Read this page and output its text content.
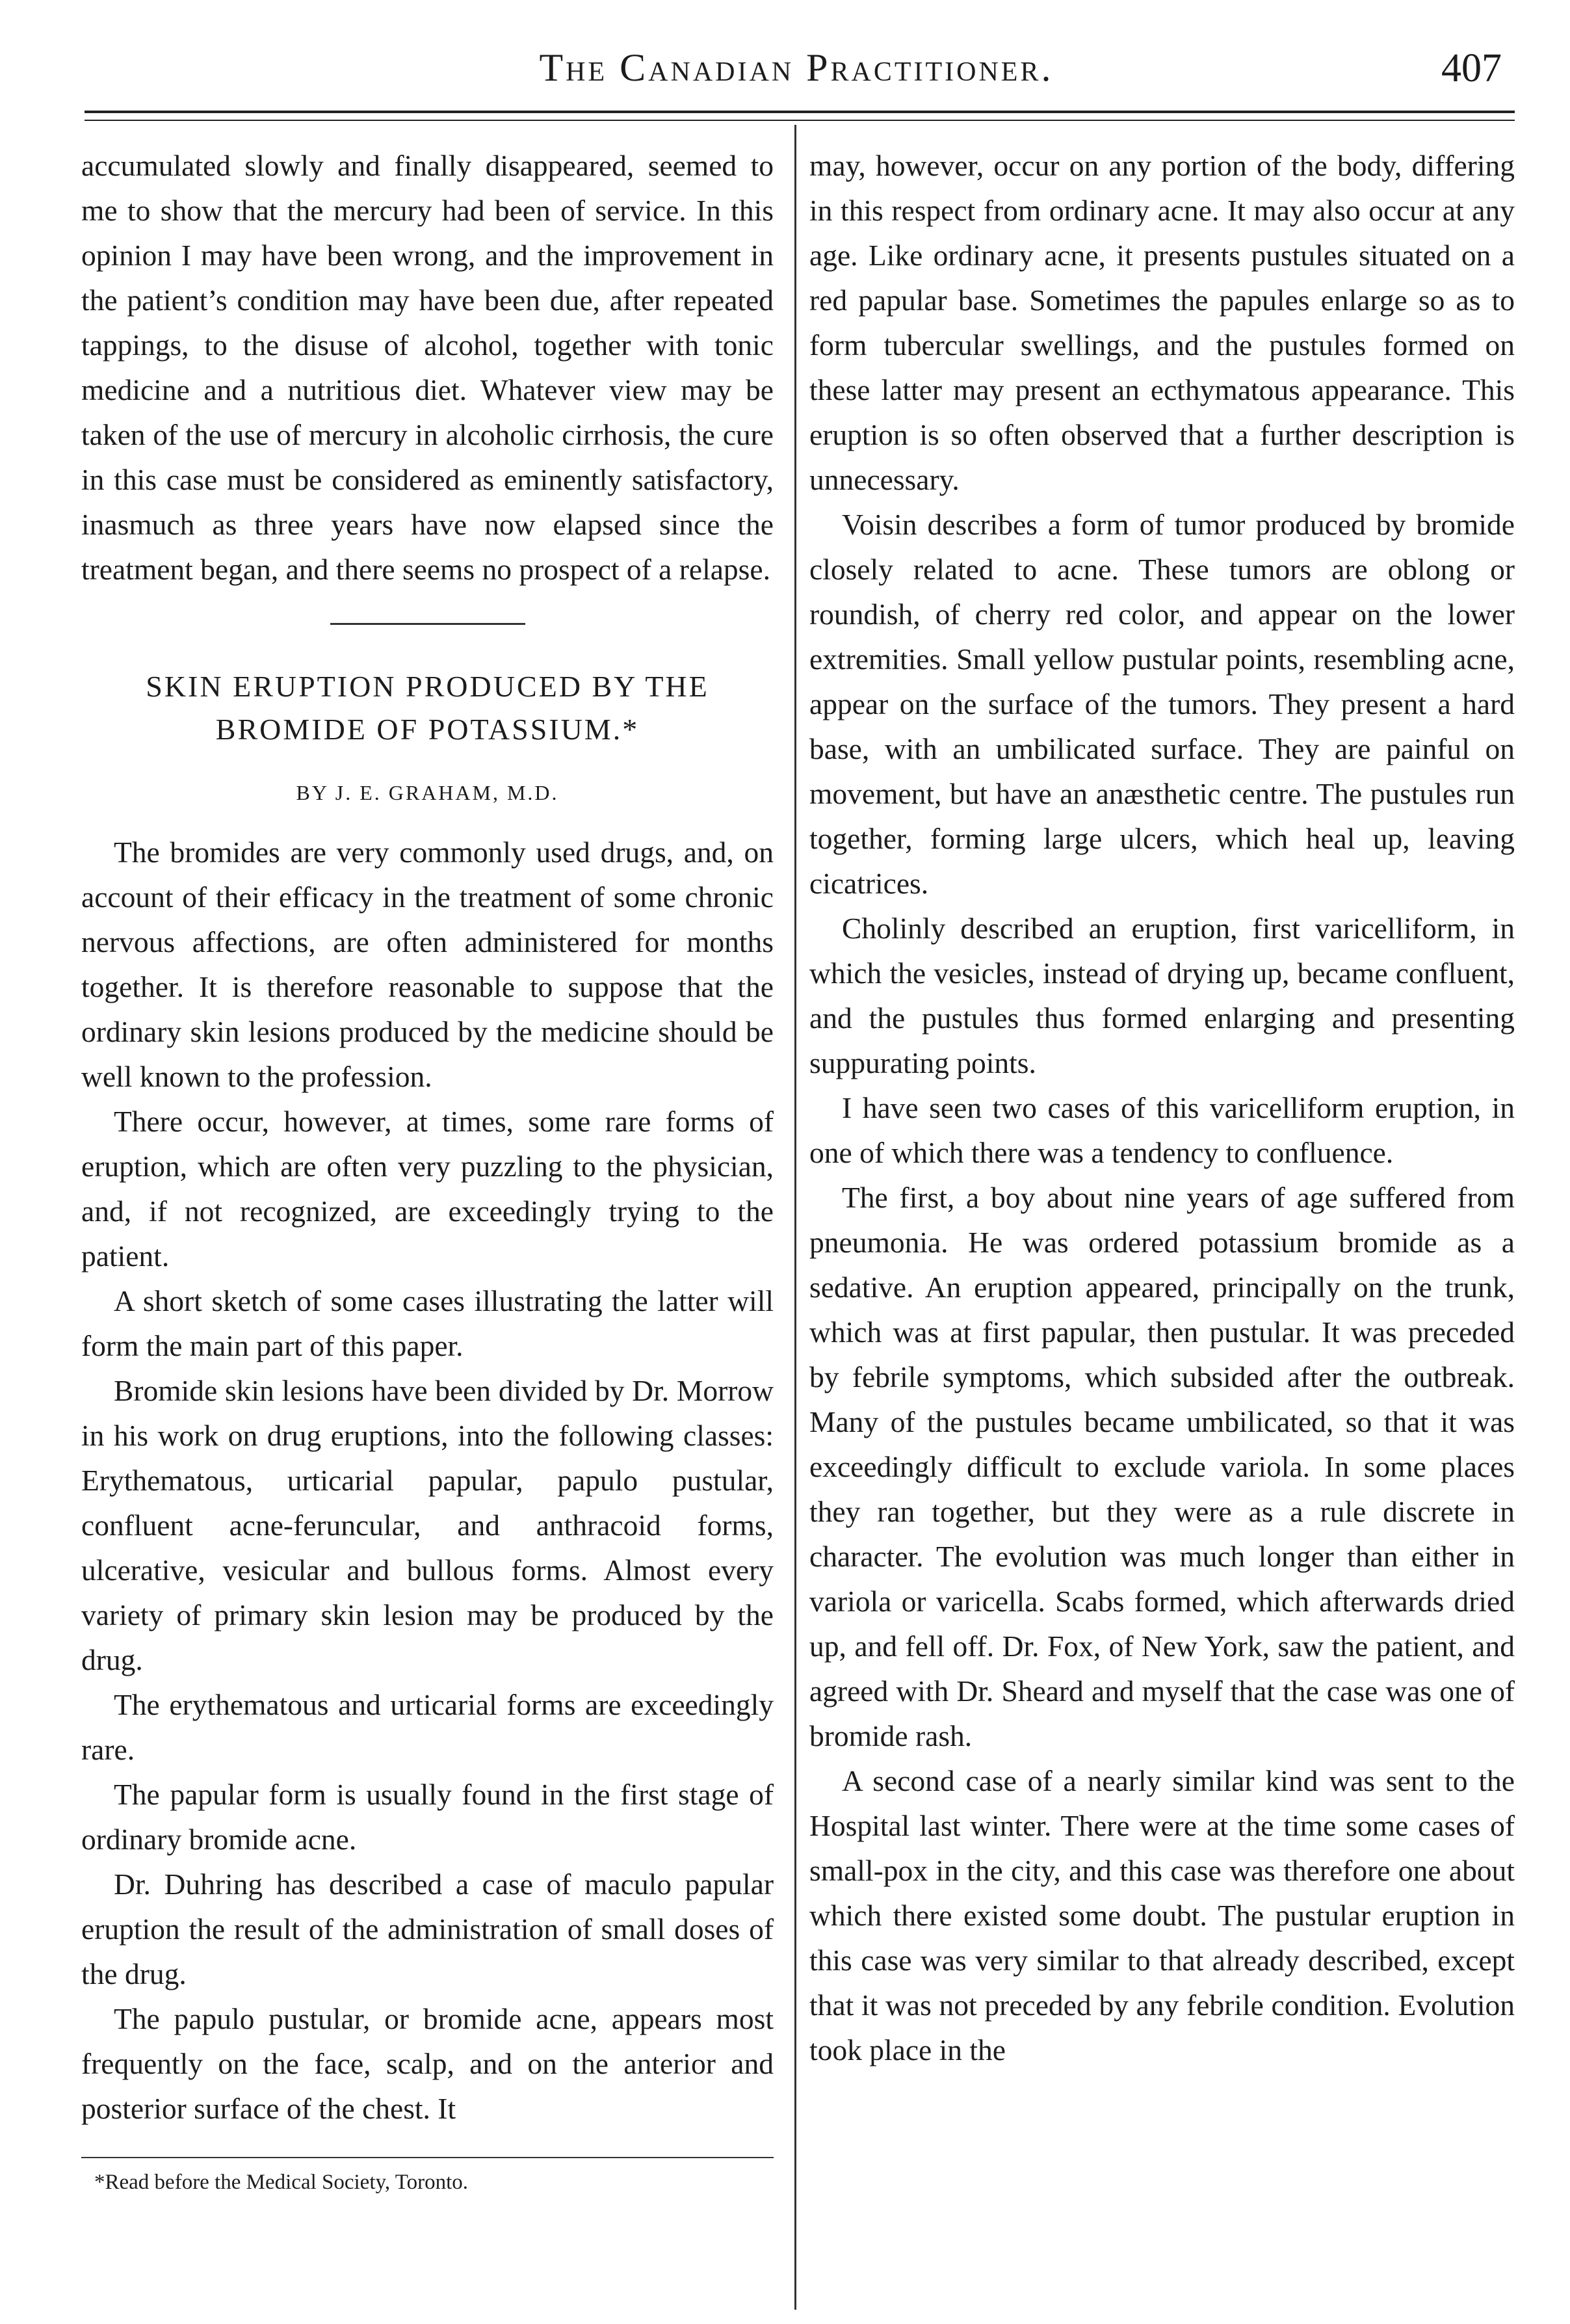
The Canadian Practitioner.	407

accumulated slowly and finally disappeared, seemed to me to show that the mercury had been of service. In this opinion I may have been wrong, and the improvement in the patient’s condition may have been due, after repeated tappings, to the disuse of alcohol, together with tonic medicine and a nutritious diet. Whatever view may be taken of the use of mercury in alcoholic cirrhosis, the cure in this case must be considered as eminently satisfactory, inasmuch as three years have now elapsed since the treatment began, and there seems no prospect of a relapse.

SKIN ERUPTION PRODUCED BY THE BROMIDE OF POTASSIUM.*
BY J. E. GRAHAM, M.D.

The bromides are very commonly used drugs, and, on account of their efficacy in the treatment of some chronic nervous affections, are often administered for months together. It is therefore reasonable to suppose that the ordinary skin lesions produced by the medicine should be well known to the profession.

There occur, however, at times, some rare forms of eruption, which are often very puzzling to the physician, and, if not recognized, are exceedingly trying to the patient.

A short sketch of some cases illustrating the latter will form the main part of this paper.

Bromide skin lesions have been divided by Dr. Morrow in his work on drug eruptions, into the following classes: Erythematous, urticarial papular, papulo pustular, confluent acne-feruncular, and anthracoid forms, ulcerative, vesicular and bullous forms. Almost every variety of primary skin lesion may be produced by the drug.

The erythematous and urticarial forms are exceedingly rare.

The papular form is usually found in the first stage of ordinary bromide acne.

Dr. Duhring has described a case of maculo papular eruption the result of the administration of small doses of the drug.

The papulo pustular, or bromide acne, appears most frequently on the face, scalp, and on the anterior and posterior surface of the chest. It

*Read before the Medical Society, Toronto.

may, however, occur on any portion of the body, differing in this respect from ordinary acne. It may also occur at any age. Like ordinary acne, it presents pustules situated on a red papular base. Sometimes the papules enlarge so as to form tubercular swellings, and the pustules formed on these latter may present an ecthymatous appearance. This eruption is so often observed that a further description is unnecessary.

Voisin describes a form of tumor produced by bromide closely related to acne. These tumors are oblong or roundish, of cherry red color, and appear on the lower extremities. Small yellow pustular points, resembling acne, appear on the surface of the tumors. They present a hard base, with an umbilicated surface. They are painful on movement, but have an anæsthetic centre. The pustules run together, forming large ulcers, which heal up, leaving cicatrices.

Cholinly described an eruption, first varicelliform, in which the vesicles, instead of drying up, became confluent, and the pustules thus formed enlarging and presenting suppurating points.

I have seen two cases of this varicelliform eruption, in one of which there was a tendency to confluence.

The first, a boy about nine years of age suffered from pneumonia. He was ordered potassium bromide as a sedative. An eruption appeared, principally on the trunk, which was at first papular, then pustular. It was preceded by febrile symptoms, which subsided after the outbreak. Many of the pustules became umbilicated, so that it was exceedingly difficult to exclude variola. In some places they ran together, but they were as a rule discrete in character. The evolution was much longer than either in variola or varicella. Scabs formed, which afterwards dried up, and fell off. Dr. Fox, of New York, saw the patient, and agreed with Dr. Sheard and myself that the case was one of bromide rash.

A second case of a nearly similar kind was sent to the Hospital last winter. There were at the time some cases of small-pox in the city, and this case was therefore one about which there existed some doubt. The pustular eruption in this case was very similar to that already described, except that it was not preceded by any febrile condition. Evolution took place in the
